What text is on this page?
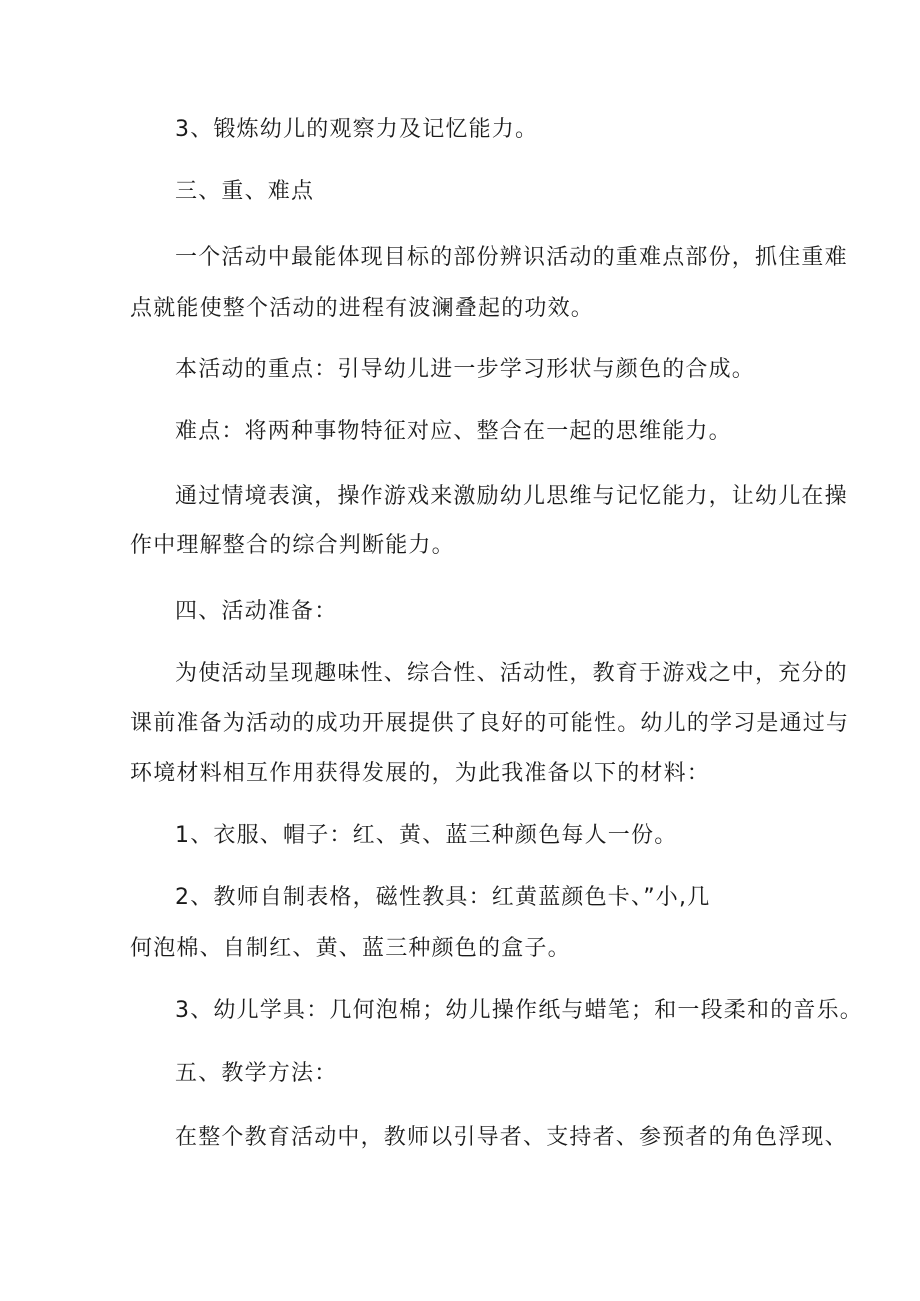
3、锻炼幼儿的观察力及记忆能力。
三、重、难点
一个活动中最能体现目标的部份辨识活动的重难点部份，抓住重难
点就能使整个活动的进程有波澜叠起的功效。
本活动的重点：引导幼儿进一步学习形状与颜色的合成。
难点：将两种事物特征对应、整合在一起的思维能力。
通过情境表演，操作游戏来激励幼儿思维与记忆能力，让幼儿在操
作中理解整合的综合判断能力。
四、活动准备：
为使活动呈现趣味性、综合性、活动性，教育于游戏之中，充分的
课前准备为活动的成功开展提供了良好的可能性。幼儿的学习是通过与
环境材料相互作用获得发展的，为此我准备以下的材料：
1、衣服、帽子：红、黄、蓝三种颜色每人一份。
2、教师自制表格，磁性教具：红黄蓝颜色卡、”小,几
何泡棉、自制红、黄、蓝三种颜色的盒子。
3、幼儿学具：几何泡棉；幼儿操作纸与蜡笔；和一段柔和的音乐。
五、教学方法：
在整个教育活动中，教师以引导者、支持者、参预者的角色浮现、
